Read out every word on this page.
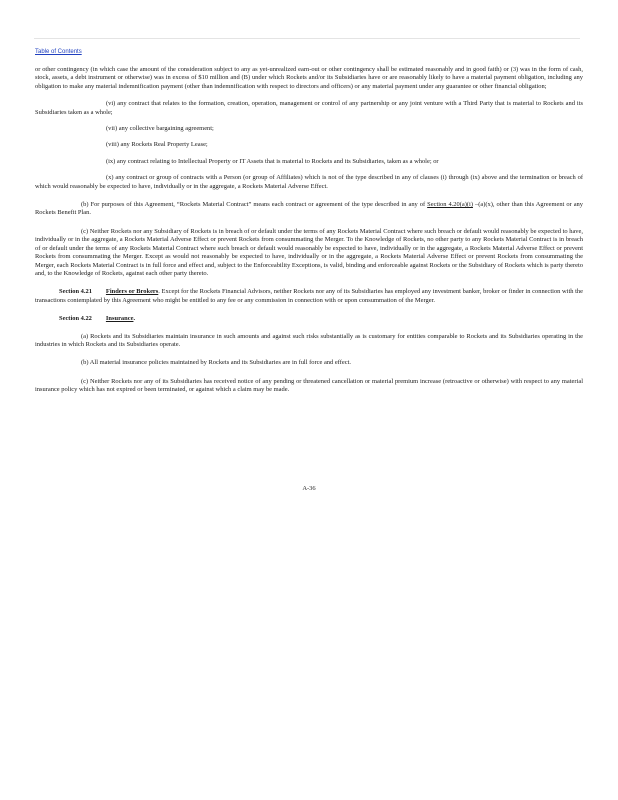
Table of Contents

or other contingency (in which case the amount of the consideration subject to any as yet-unrealized earn-out or other contingency shall be estimated reasonably and in good faith) or (3) was in the form of cash, stock, assets, a debt instrument or otherwise) was in excess of $10 million and (B) under which Rockets and/or its Subsidiaries have or are reasonably likely to have a material payment obligation, including any obligation to make any material indemnification payment (other than indemnification with respect to directors and officers) or any material payment under any guarantee or other financial obligation;

(vi) any contract that relates to the formation, creation, operation, management or control of any partnership or any joint venture with a Third Party that is material to Rockets and its Subsidiaries taken as a whole;

(vii) any collective bargaining agreement;

(viii) any Rockets Real Property Lease;

(ix) any contract relating to Intellectual Property or IT Assets that is material to Rockets and its Subsidiaries, taken as a whole; or

(x) any contract or group of contracts with a Person (or group of Affiliates) which is not of the type described in any of clauses (i) through (ix) above and the termination or breach of which would reasonably be expected to have, individually or in the aggregate, a Rockets Material Adverse Effect.

(b) For purposes of this Agreement, “Rockets Material Contract” means each contract or agreement of the type described in any of Section 4.20(a)(i) –(a)(x), other than this Agreement or any Rockets Benefit Plan.

(c) Neither Rockets nor any Subsidiary of Rockets is in breach of or default under the terms of any Rockets Material Contract where such breach or default would reasonably be expected to have, individually or in the aggregate, a Rockets Material Adverse Effect or prevent Rockets from consummating the Merger. To the Knowledge of Rockets, no other party to any Rockets Material Contract is in breach of or default under the terms of any Rockets Material Contract where such breach or default would reasonably be expected to have, individually or in the aggregate, a Rockets Material Adverse Effect or prevent Rockets from consummating the Merger. Except as would not reasonably be expected to have, individually or in the aggregate, a Rockets Material Adverse Effect or prevent Rockets from consummating the Merger, each Rockets Material Contract is in full force and effect and, subject to the Enforceability Exceptions, is valid, binding and enforceable against Rockets or the Subsidiary of Rockets which is party thereto and, to the Knowledge of Rockets, against each other party thereto.

Section 4.21 Finders or Brokers. Except for the Rockets Financial Advisors, neither Rockets nor any of its Subsidiaries has employed any investment banker, broker or finder in connection with the transactions contemplated by this Agreement who might be entitled to any fee or any commission in connection with or upon consummation of the Merger.

Section 4.22 Insurance.

(a) Rockets and its Subsidiaries maintain insurance in such amounts and against such risks substantially as is customary for entities comparable to Rockets and its Subsidiaries operating in the industries in which Rockets and its Subsidiaries operate.

(b) All material insurance policies maintained by Rockets and its Subsidiaries are in full force and effect.

(c) Neither Rockets nor any of its Subsidiaries has received notice of any pending or threatened cancellation or material premium increase (retroactive or otherwise) with respect to any material insurance policy which has not expired or been terminated, or against which a claim may be made.

A-36
